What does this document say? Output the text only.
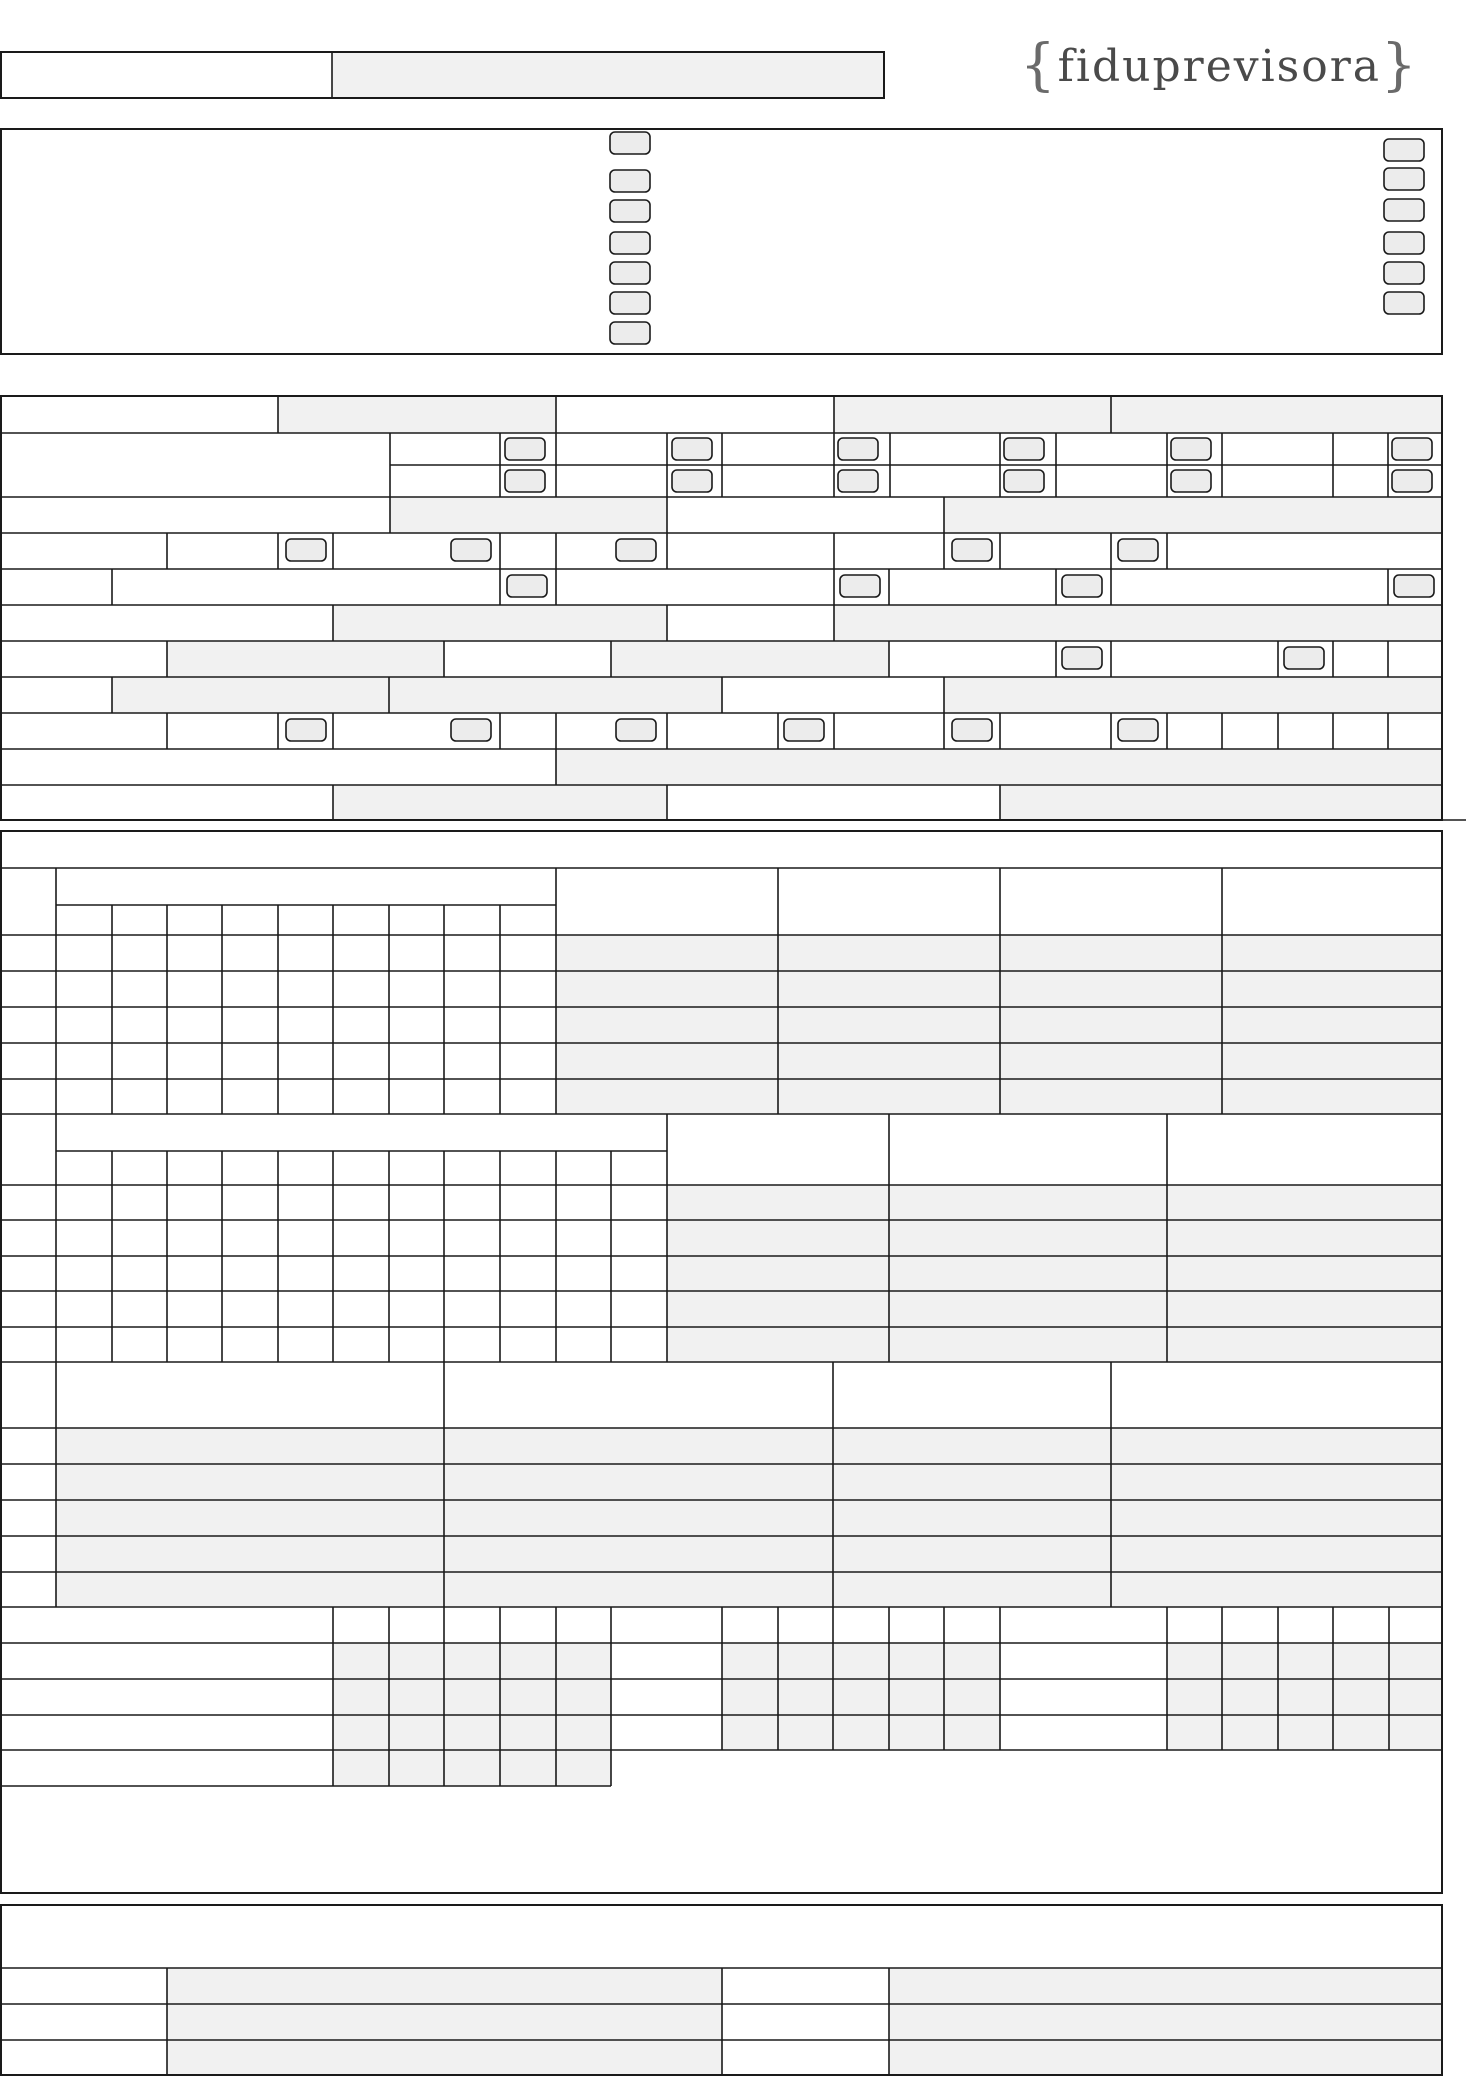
{fiduprevisora}
